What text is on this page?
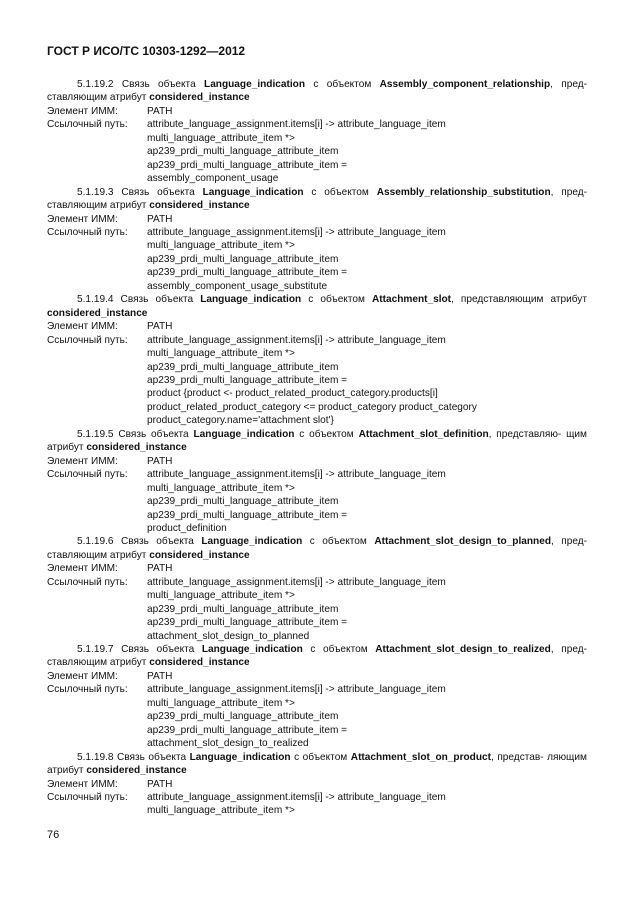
ГОСТ Р ИСО/ТС 10303-1292—2012

5.1.19.2 Связь объекта Language_indication с объектом Assembly_component_relationship, пред- ставляющим атрибут considered_instance

Элемент ИММ:	PATH
Ссылочный путь:	attribute_language_assignment.items[i] -> attribute_language_item
multi_language_attribute_item *>
ap239_prdi_multi_language_attribute_item
ap239_prdi_multi_language_attribute_item =
assembly_component_usage

5.1.19.3 Связь объекта Language_indication с объектом Assembly_relationship_substitution, пред- ставляющим атрибут considered_instance

Элемент ИММ:	PATH
Ссылочный путь:	attribute_language_assignment.items[i] -> attribute_language_item
multi_language_attribute_item *>
ap239_prdi_multi_language_attribute_item
ap239_prdi_multi_language_attribute_item =
assembly_component_usage_substitute

5.1.19.4 Связь объекта Language_indication с объектом Attachment_slot, представляющим атрибут considered_instance

Элемент ИММ:	PATH
Ссылочный путь:	attribute_language_assignment.items[i] -> attribute_language_item
multi_language_attribute_item *>
ap239_prdi_multi_language_attribute_item
ap239_prdi_multi_language_attribute_item =
product {product <- product_related_product_category.products[i]
product_related_product_category <= product_category product_category
product_category.name='attachment slot'}

5.1.19.5 Связь объекта Language_indication с объектом Attachment_slot_definition, представляю- щим атрибут considered_instance

Элемент ИММ:	PATH
Ссылочный путь:	attribute_language_assignment.items[i] -> attribute_language_item
multi_language_attribute_item *>
ap239_prdi_multi_language_attribute_item
ap239_prdi_multi_language_attribute_item =
product_definition

5.1.19.6 Связь объекта Language_indication с объектом Attachment_slot_design_to_planned, пред- ставляющим атрибут considered_instance

Элемент ИММ:	PATH
Ссылочный путь:	attribute_language_assignment.items[i] -> attribute_language_item
multi_language_attribute_item *>
ap239_prdi_multi_language_attribute_item
ap239_prdi_multi_language_attribute_item =
attachment_slot_design_to_planned

5.1.19.7 Связь объекта Language_indication с объектом Attachment_slot_design_to_realized, пред- ставляющим атрибут considered_instance

Элемент ИММ:	PATH
Ссылочный путь:	attribute_language_assignment.items[i] -> attribute_language_item
multi_language_attribute_item *>
ap239_prdi_multi_language_attribute_item
ap239_prdi_multi_language_attribute_item =
attachment_slot_design_to_realized

5.1.19.8 Связь объекта Language_indication с объектом Attachment_slot_on_product, представ- ляющим атрибут considered_instance

Элемент ИММ:	PATH
Ссылочный путь:	attribute_language_assignment.items[i] -> attribute_language_item
multi_language_attribute_item *>
76
